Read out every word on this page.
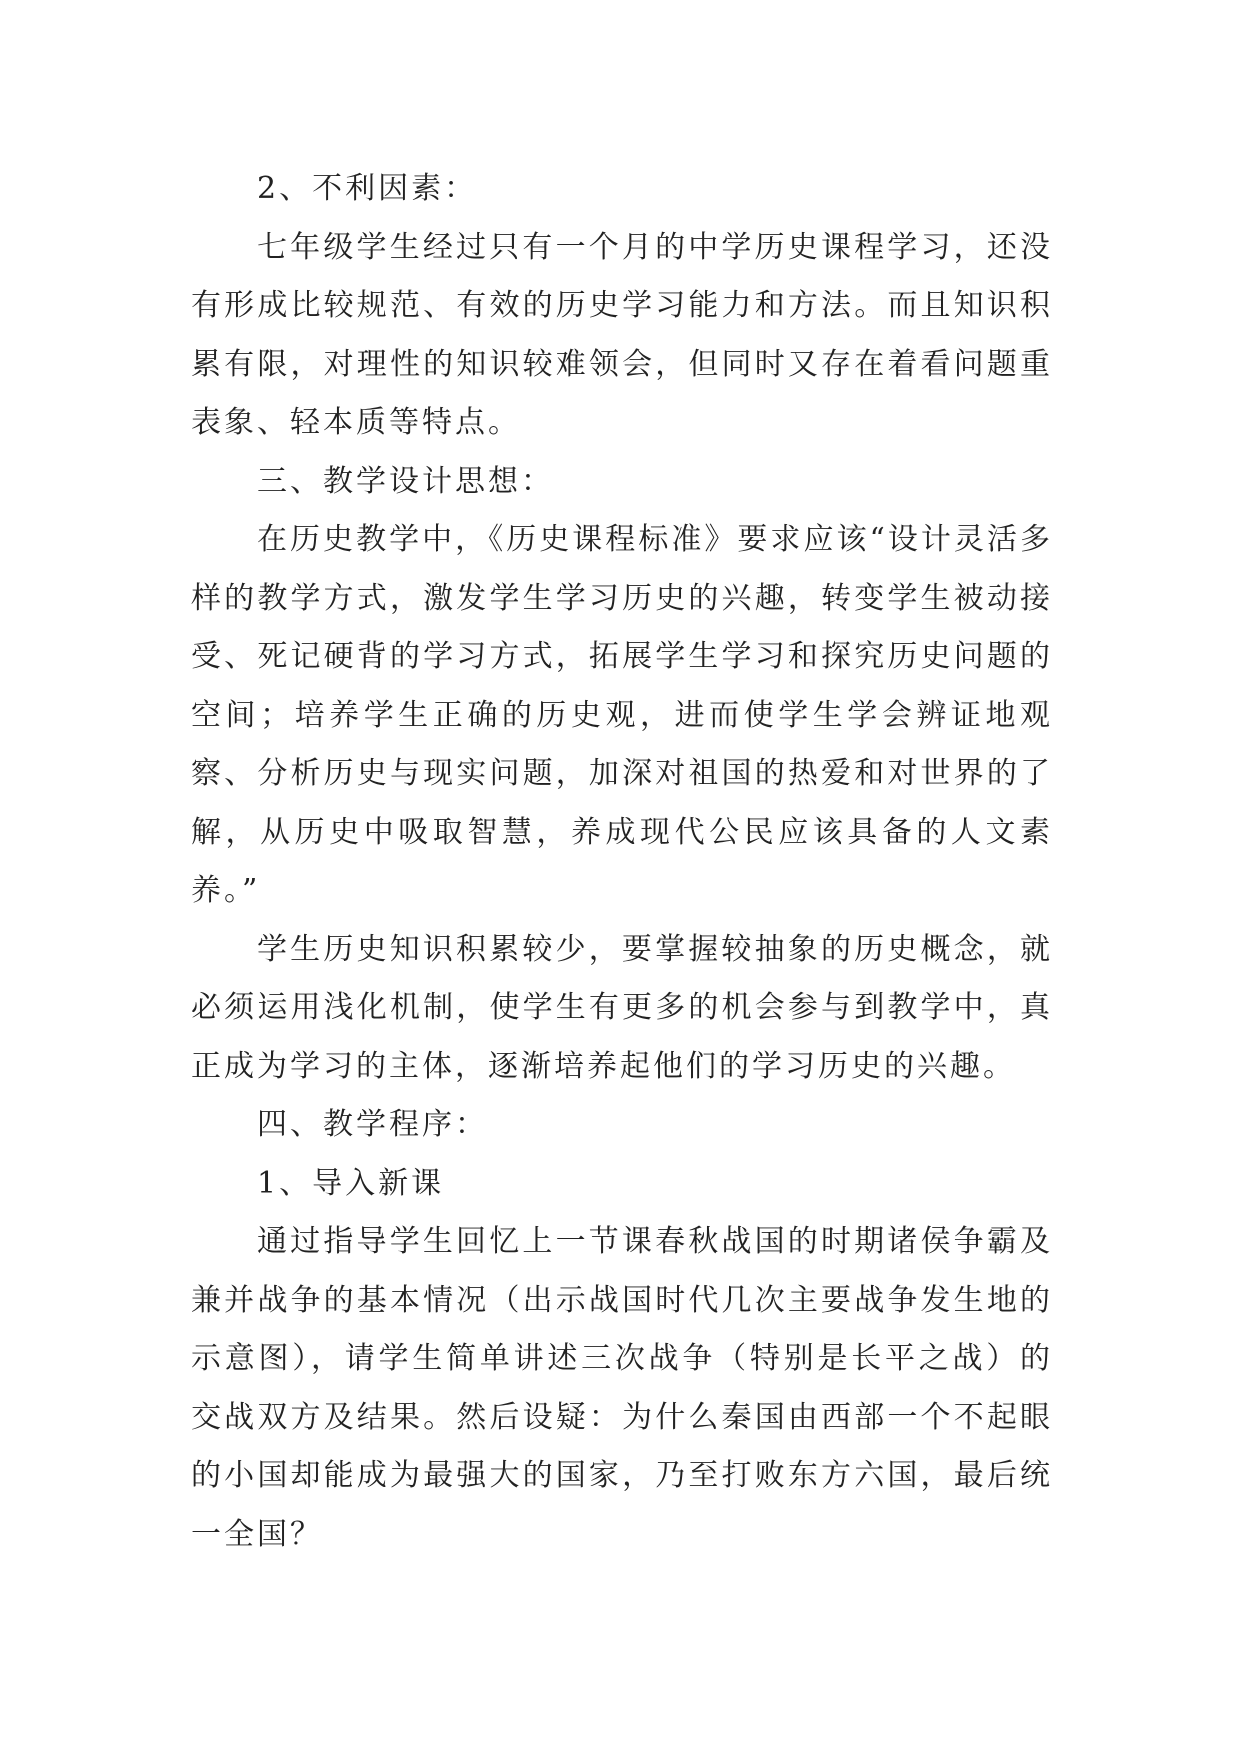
2、不利因素：

七年级学生经过只有一个月的中学历史课程学习，还没有形成比较规范、有效的历史学习能力和方法。而且知识积累有限，对理性的知识较难领会，但同时又存在着看问题重表象、轻本质等特点。

三、教学设计思想：

在历史教学中，《历史课程标准》要求应该“设计灵活多样的教学方式，激发学生学习历史的兴趣，转变学生被动接受、死记硬背的学习方式，拓展学生学习和探究历史问题的空间；培养学生正确的历史观，进而使学生学会辨证地观察、分析历史与现实问题，加深对祖国的热爱和对世界的了解，从历史中吸取智慧，养成现代公民应该具备的人文素养。”

学生历史知识积累较少，要掌握较抽象的历史概念，就必须运用浅化机制，使学生有更多的机会参与到教学中，真正成为学习的主体，逐渐培养起他们的学习历史的兴趣。

四、教学程序：

1、导入新课

通过指导学生回忆上一节课春秋战国的时期诸侯争霸及兼并战争的基本情况（出示战国时代几次主要战争发生地的示意图），请学生简单讲述三次战争（特别是长平之战）的交战双方及结果。然后设疑：为什么秦国由西部一个不起眼的小国却能成为最强大的国家，乃至打败东方六国，最后统一全国？
